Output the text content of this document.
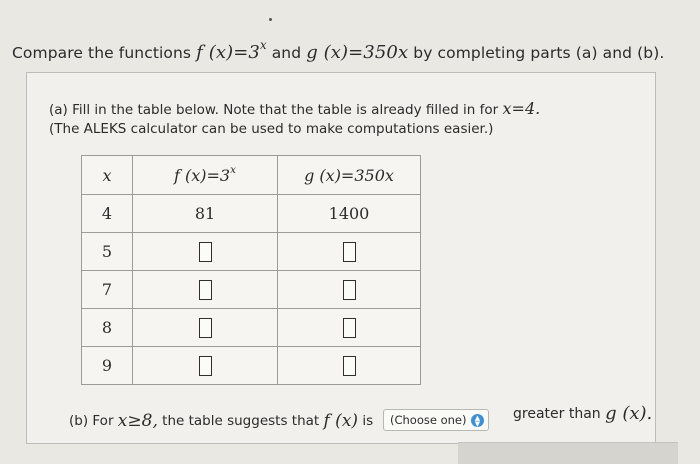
Compare the functions f $(x)=3^x$ and g (x)=350x by completing parts (a) and (b).
(a) Fill in the table below. Note that the table is already filled in for x=4.
(The ALEKS calculator can be used to make computations easier.)
x	f $(x)=3^x$	g (x)=350x
4	81	1400
5		
7		
8		
9		
(b) For
x≥8,
the table suggests that
f (x)
is (Choose one)	▲
▼
greater than
g (x).
